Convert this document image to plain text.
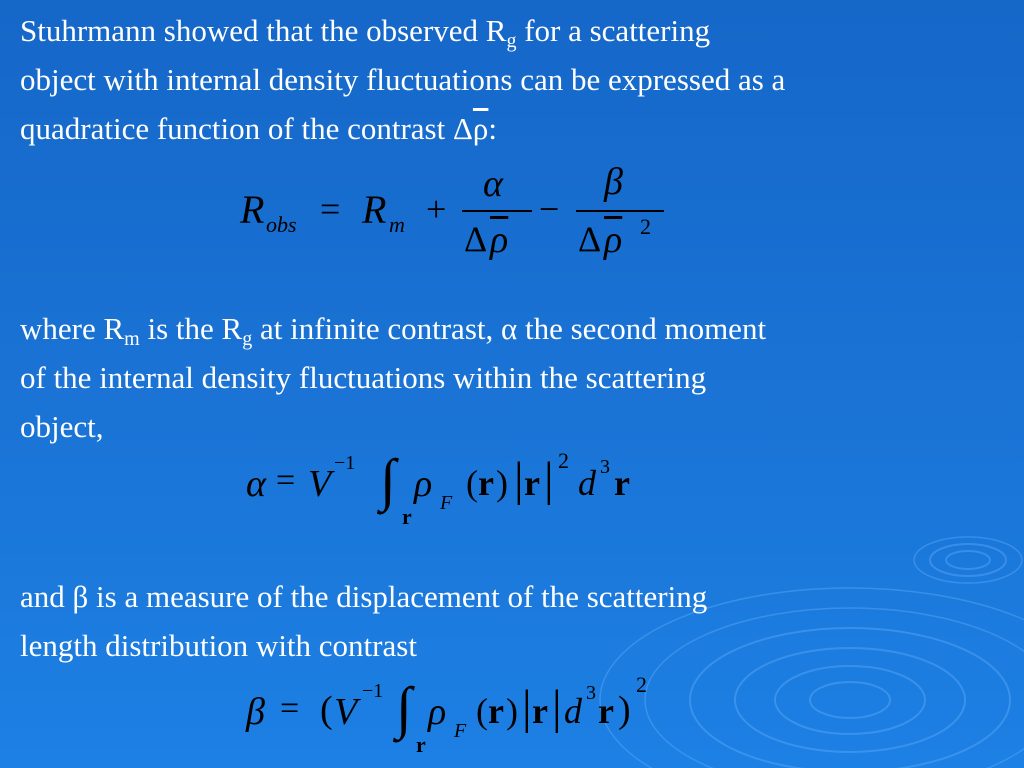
Stuhrmann showed that the observed $R_g$ for a scattering
object with internal density fluctuations can be expressed as a
quadratice function of the contrast $\Delta\overline{\rho}$:
R obs = R m +
α
Δ $\overline{\rho}$
−
β
Δ $\overline{\rho}$ 2
where $R_m$ is the $R_g$ at infinite contrast, α the second moment
of the internal density fluctuations within the scattering
object,
α = V −1 ∫
r
ρ F ( r ) | r | 2
d 3 r
and β is a measure of the displacement of the scattering
length distribution with contrast
β = ( V −1 ∫
r
ρ F ( r ) | r | d 3 r )
2
